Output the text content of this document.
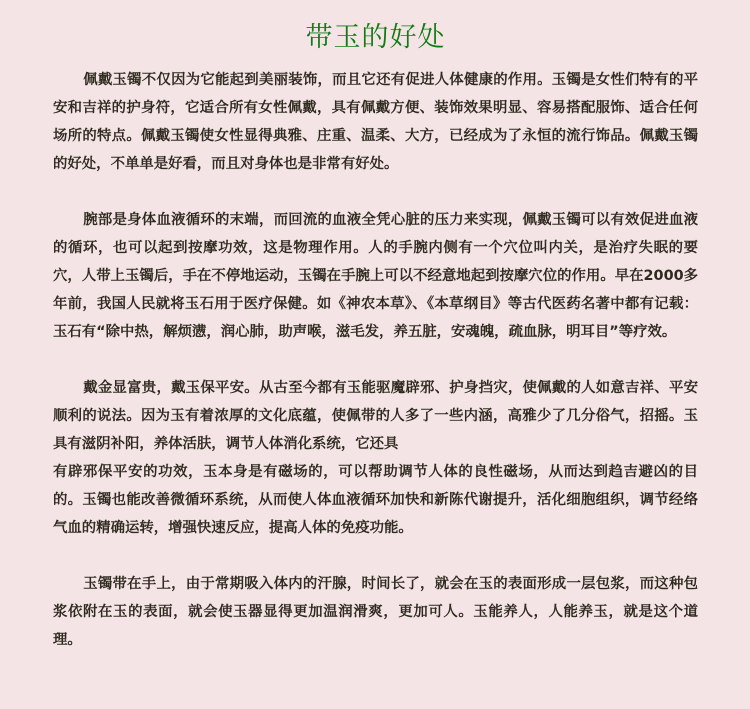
带玉的好处

佩戴玉镯不仅因为它能起到美丽装饰，而且它还有促进人体健康的作用。玉镯是女性们特有的平安和吉祥的护身符，它适合所有女性佩戴，具有佩戴方便、装饰效果明显、容易搭配服饰、适合任何场所的特点。佩戴玉镯使女性显得典雅、庄重、温柔、大方，已经成为了永恒的流行饰品。佩戴玉镯的好处，不单单是好看，而且对身体也是非常有好处。

腕部是身体血液循环的末端，而回流的血液全凭心脏的压力来实现，佩戴玉镯可以有效促进血液的循环，也可以起到按摩功效，这是物理作用。人的手腕内侧有一个穴位叫内关，是治疗失眠的要穴，人带上玉镯后，手在不停地运动，玉镯在手腕上可以不经意地起到按摩穴位的作用。早在2000多年前，我国人民就将玉石用于医疗保健。如《神农本草》、《本草纲目》等古代医药名著中都有记载：玉石有“除中热，解烦懑，润心肺，助声喉，滋毛发，养五脏，安魂魄，疏血脉，明耳目”等疗效。

戴金显富贵，戴玉保平安。从古至今都有玉能驱魔辟邪、护身挡灾，使佩戴的人如意吉祥、平安顺利的说法。因为玉有着浓厚的文化底蕴，使佩带的人多了一些内涵，高雅少了几分俗气，招摇。玉具有滋阴补阳，养体活肤，调节人体消化系统，它还具
有辟邪保平安的功效，玉本身是有磁场的，可以帮助调节人体的良性磁场，从而达到趋吉避凶的目的。玉镯也能改善微循环系统，从而使人体血液循环加快和新陈代谢提升，活化细胞组织，调节经络气血的精确运转，增强快速反应，提高人体的免疫功能。

玉镯带在手上，由于常期吸入体内的汗腺，时间长了，就会在玉的表面形成一层包浆，而这种包浆依附在玉的表面，就会使玉器显得更加温润滑爽，更加可人。玉能养人，人能养玉，就是这个道理。
